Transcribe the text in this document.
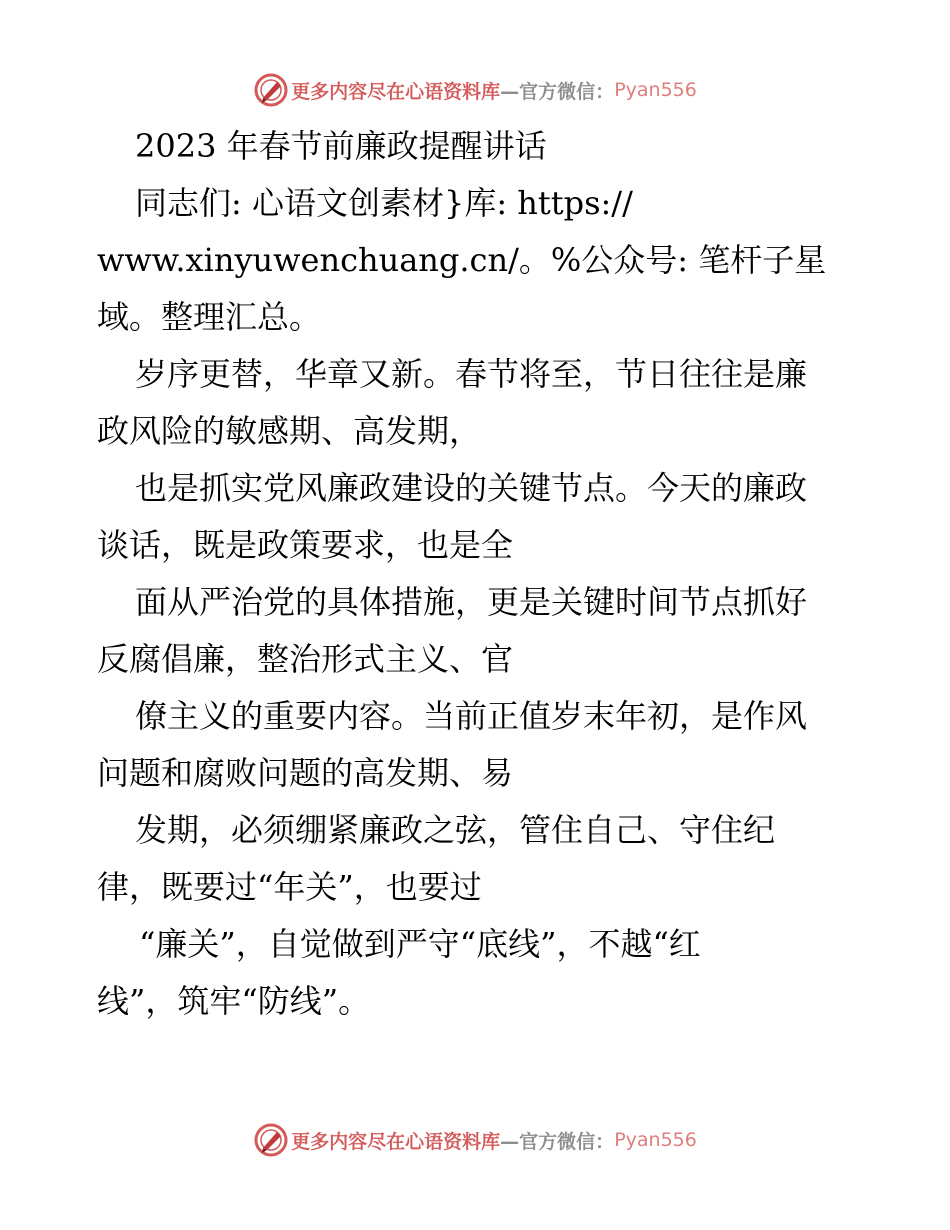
更多内容尽在心语资料库 —官方微信： Pyan556
2023 年春节前廉政提醒讲话
同志们: 心语文创素材}库: https://
www.xinyuwenchuang.cn/。%公众号: 笔杆子星
域。整理汇总。
岁序更替，华章又新。春节将至，节日往往是廉
政风险的敏感期、高发期，
也是抓实党风廉政建设的关键节点。今天的廉政
谈话，既是政策要求，也是全
面从严治党的具体措施，更是关键时间节点抓好
反腐倡廉，整治形式主义、官
僚主义的重要内容。当前正值岁末年初，是作风
问题和腐败问题的高发期、易
发期，必须绷紧廉政之弦，管住自己、守住纪
律，既要过“年关”，也要过
“廉关”，自觉做到严守“底线”，不越“红
线”，筑牢“防线”。
更多内容尽在心语资料库 —官方微信： Pyan556
